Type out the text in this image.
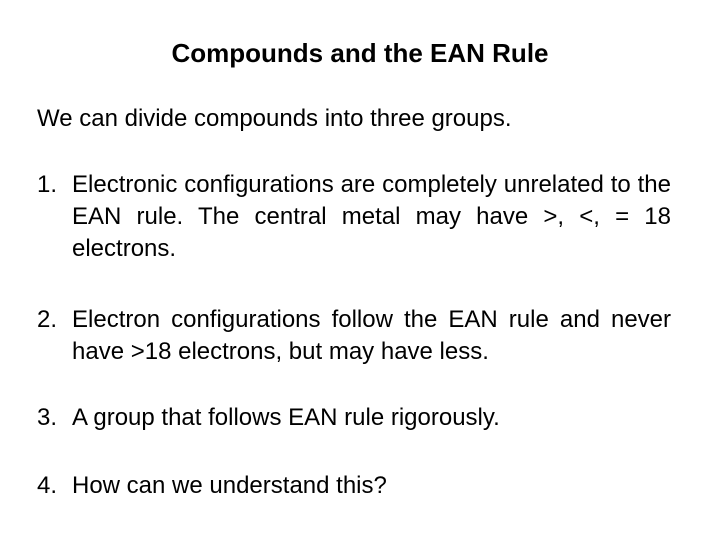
Compounds and the EAN Rule
We can divide compounds into three groups.
1. Electronic configurations are completely unrelated to the EAN rule. The central metal may have >, <, = 18 electrons.
2. Electron configurations follow the EAN rule and never have >18 electrons, but may have less.
3. A group that follows EAN rule rigorously.
4. How can we understand this?
